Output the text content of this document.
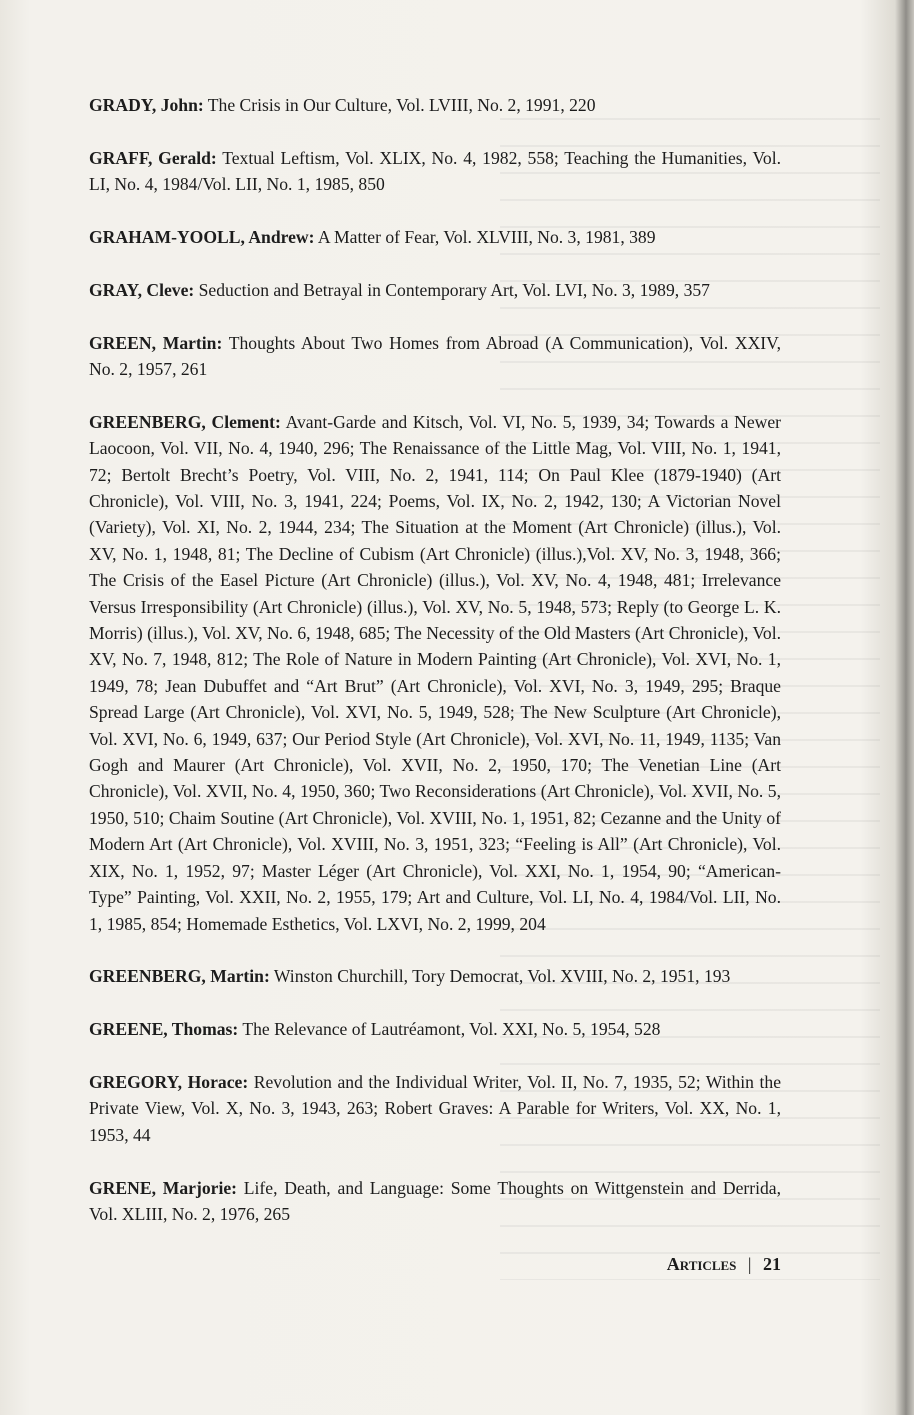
GRADY, John: The Crisis in Our Culture, Vol. LVIII, No. 2, 1991, 220

GRAFF, Gerald: Textual Leftism, Vol. XLIX, No. 4, 1982, 558; Teaching the Humanities, Vol. LI, No. 4, 1984/Vol. LII, No. 1, 1985, 850

GRAHAM-YOOLL, Andrew: A Matter of Fear, Vol. XLVIII, No. 3, 1981, 389

GRAY, Cleve: Seduction and Betrayal in Contemporary Art, Vol. LVI, No. 3, 1989, 357

GREEN, Martin: Thoughts About Two Homes from Abroad (A Communication), Vol. XXIV, No. 2, 1957, 261

GREENBERG, Clement: Avant-Garde and Kitsch, Vol. VI, No. 5, 1939, 34; Towards a Newer Laocoon, Vol. VII, No. 4, 1940, 296; The Renaissance of the Little Mag, Vol. VIII, No. 1, 1941, 72; Bertolt Brecht’s Poetry, Vol. VIII, No. 2, 1941, 114; On Paul Klee (1879-1940) (Art Chronicle), Vol. VIII, No. 3, 1941, 224; Poems, Vol. IX, No. 2, 1942, 130; A Victorian Novel (Variety), Vol. XI, No. 2, 1944, 234; The Situation at the Moment (Art Chronicle) (illus.), Vol. XV, No. 1, 1948, 81; The Decline of Cubism (Art Chronicle) (illus.),Vol. XV, No. 3, 1948, 366; The Crisis of the Easel Picture (Art Chronicle) (illus.), Vol. XV, No. 4, 1948, 481; Irrelevance Versus Irresponsibility (Art Chronicle) (illus.), Vol. XV, No. 5, 1948, 573; Reply (to George L. K. Morris) (illus.), Vol. XV, No. 6, 1948, 685; The Necessity of the Old Masters (Art Chronicle), Vol. XV, No. 7, 1948, 812; The Role of Nature in Modern Painting (Art Chronicle), Vol. XVI, No. 1, 1949, 78; Jean Dubuffet and “Art Brut” (Art Chronicle), Vol. XVI, No. 3, 1949, 295; Braque Spread Large (Art Chronicle), Vol. XVI, No. 5, 1949, 528; The New Sculpture (Art Chronicle), Vol. XVI, No. 6, 1949, 637; Our Period Style (Art Chronicle), Vol. XVI, No. 11, 1949, 1135; Van Gogh and Maurer (Art Chronicle), Vol. XVII, No. 2, 1950, 170; The Venetian Line (Art Chronicle), Vol. XVII, No. 4, 1950, 360; Two Reconsiderations (Art Chronicle), Vol. XVII, No. 5, 1950, 510; Chaim Soutine (Art Chronicle), Vol. XVIII, No. 1, 1951, 82; Cezanne and the Unity of Modern Art (Art Chronicle), Vol. XVIII, No. 3, 1951, 323; “Feeling is All” (Art Chronicle), Vol. XIX, No. 1, 1952, 97; Master Léger (Art Chronicle), Vol. XXI, No. 1, 1954, 90; “American-Type” Painting, Vol. XXII, No. 2, 1955, 179; Art and Culture, Vol. LI, No. 4, 1984/Vol. LII, No. 1, 1985, 854; Homemade Esthetics, Vol. LXVI, No. 2, 1999, 204

GREENBERG, Martin: Winston Churchill, Tory Democrat, Vol. XVIII, No. 2, 1951, 193

GREENE, Thomas: The Relevance of Lautréamont, Vol. XXI, No. 5, 1954, 528

GREGORY, Horace: Revolution and the Individual Writer, Vol. II, No. 7, 1935, 52; Within the Private View, Vol. X, No. 3, 1943, 263; Robert Graves: A Parable for Writers, Vol. XX, No. 1, 1953, 44

GRENE, Marjorie: Life, Death, and Language: Some Thoughts on Wittgenstein and Derrida, Vol. XLIII, No. 2, 1976, 265

Articles | 21
